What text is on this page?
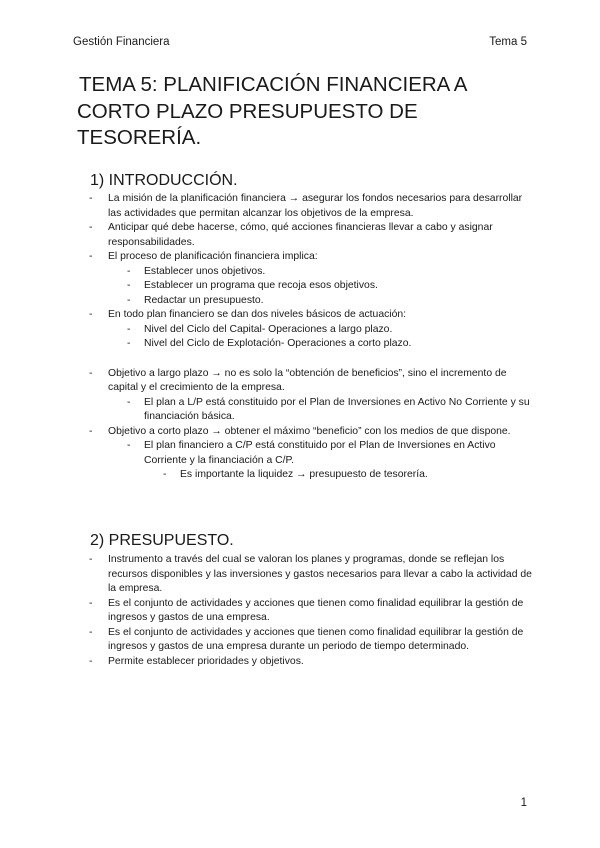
Gestión Financiera	Tema 5
TEMA 5: PLANIFICACIÓN FINANCIERA A
CORTO PLAZO PRESUPUESTO DE
TESORERÍA.
1) INTRODUCCIÓN.
- La misión de la planificación financiera → asegurar los fondos necesarios para desarrollar las actividades que permitan alcanzar los objetivos de la empresa.
- Anticipar qué debe hacerse, cómo, qué acciones financieras llevar a cabo y asignar responsabilidades.
- El proceso de planificación financiera implica:
- Establecer unos objetivos.
- Establecer un programa que recoja esos objetivos.
- Redactar un presupuesto.
- En todo plan financiero se dan dos niveles básicos de actuación:
- Nivel del Ciclo del Capital- Operaciones a largo plazo.
- Nivel del Ciclo de Explotación- Operaciones a corto plazo.
- Objetivo a largo plazo → no es solo la “obtención de beneficios”, sino el incremento de capital y el crecimiento de la empresa.
- El plan a L/P está constituido por el Plan de Inversiones en Activo No Corriente y su financiación básica.
- Objetivo a corto plazo → obtener el máximo “beneficio” con los medios de que dispone.
- El plan financiero a C/P está constituido por el Plan de Inversiones en Activo Corriente y la financiación a C/P.
- Es importante la liquidez → presupuesto de tesorería.
2) PRESUPUESTO.
- Instrumento a través del cual se valoran los planes y programas, donde se reflejan los recursos disponibles y las inversiones y gastos necesarios para llevar a cabo la actividad de la empresa.
- Es el conjunto de actividades y acciones que tienen como finalidad equilibrar la gestión de ingresos y gastos de una empresa.
- Es el conjunto de actividades y acciones que tienen como finalidad equilibrar la gestión de ingresos y gastos de una empresa durante un periodo de tiempo determinado.
- Permite establecer prioridades y objetivos.
1
